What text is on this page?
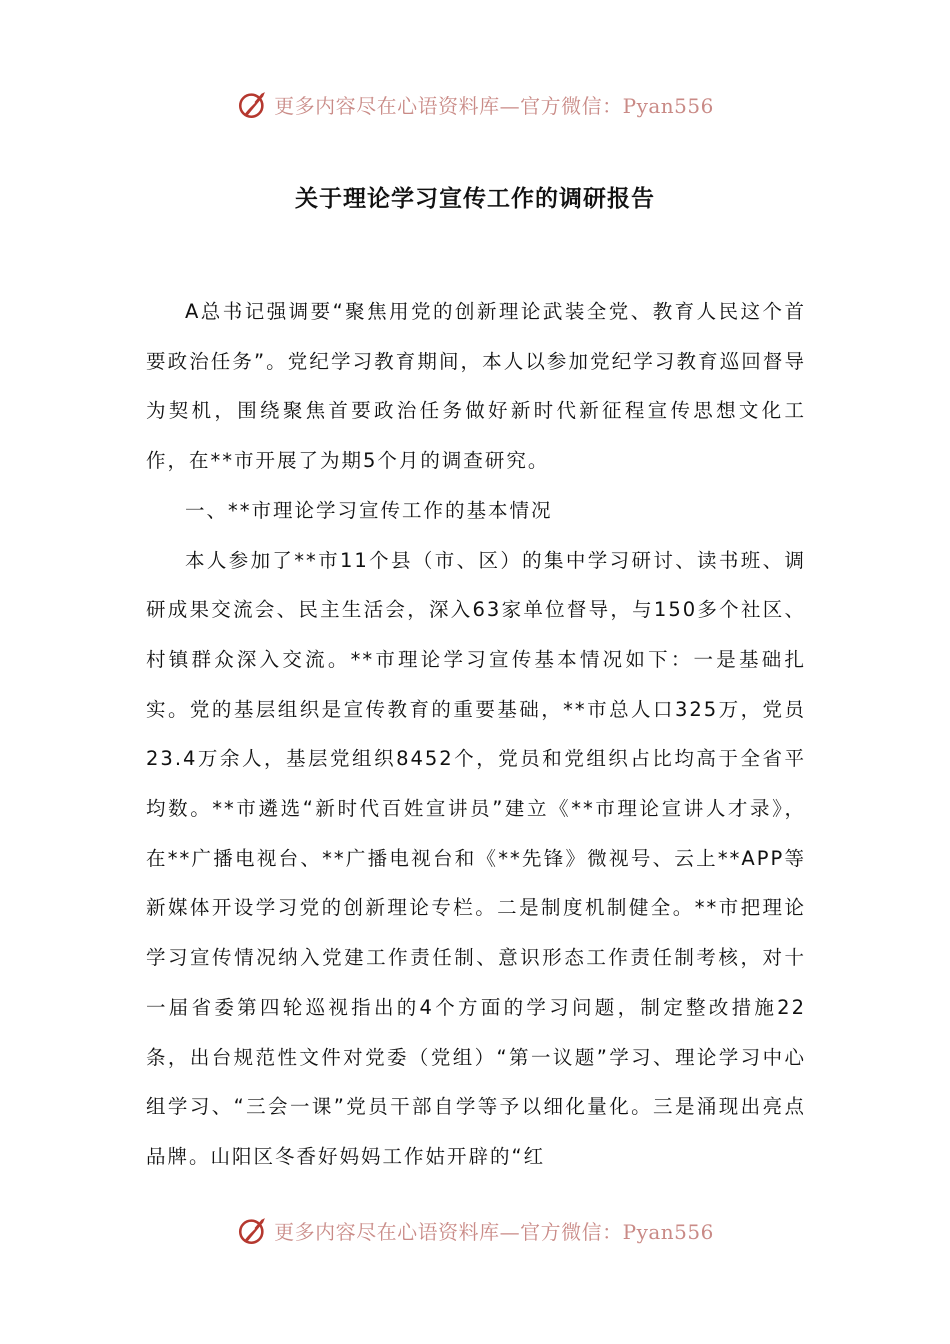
更多内容尽在心语资料库—官方微信：Pyan556
关于理论学习宣传工作的调研报告

A总书记强调要“聚焦用党的创新理论武装全党、教育人民这个首要政治任务”。党纪学习教育期间，本人以参加党纪学习教育巡回督导为契机，围绕聚焦首要政治任务做好新时代新征程宣传思想文化工作，在**市开展了为期5个月的调查研究。

一、**市理论学习宣传工作的基本情况

本人参加了**市11个县（市、区）的集中学习研讨、读书班、调研成果交流会、民主生活会，深入63家单位督导，与150多个社区、村镇群众深入交流。**市理论学习宣传基本情况如下：一是基础扎实。党的基层组织是宣传教育的重要基础，**市总人口325万，党员23.4万余人，基层党组织8452个，党员和党组织占比均高于全省平均数。**市遴选“新时代百姓宣讲员”建立《**市理论宣讲人才录》，在**广播电视台、**广播电视台和《**先锋》微视号、云上**APP等新媒体开设学习党的创新理论专栏。二是制度机制健全。**市把理论学习宣传情况纳入党建工作责任制、意识形态工作责任制考核，对十一届省委第四轮巡视指出的4个方面的学习问题，制定整改措施22条，出台规范性文件对党委（党组）“第一议题”学习、理论学习中心组学习、“三会一课”党员干部自学等予以细化量化。三是涌现出亮点品牌。山阳区冬香好妈妈工作姑开辟的“红

更多内容尽在心语资料库—官方微信：Pyan556
